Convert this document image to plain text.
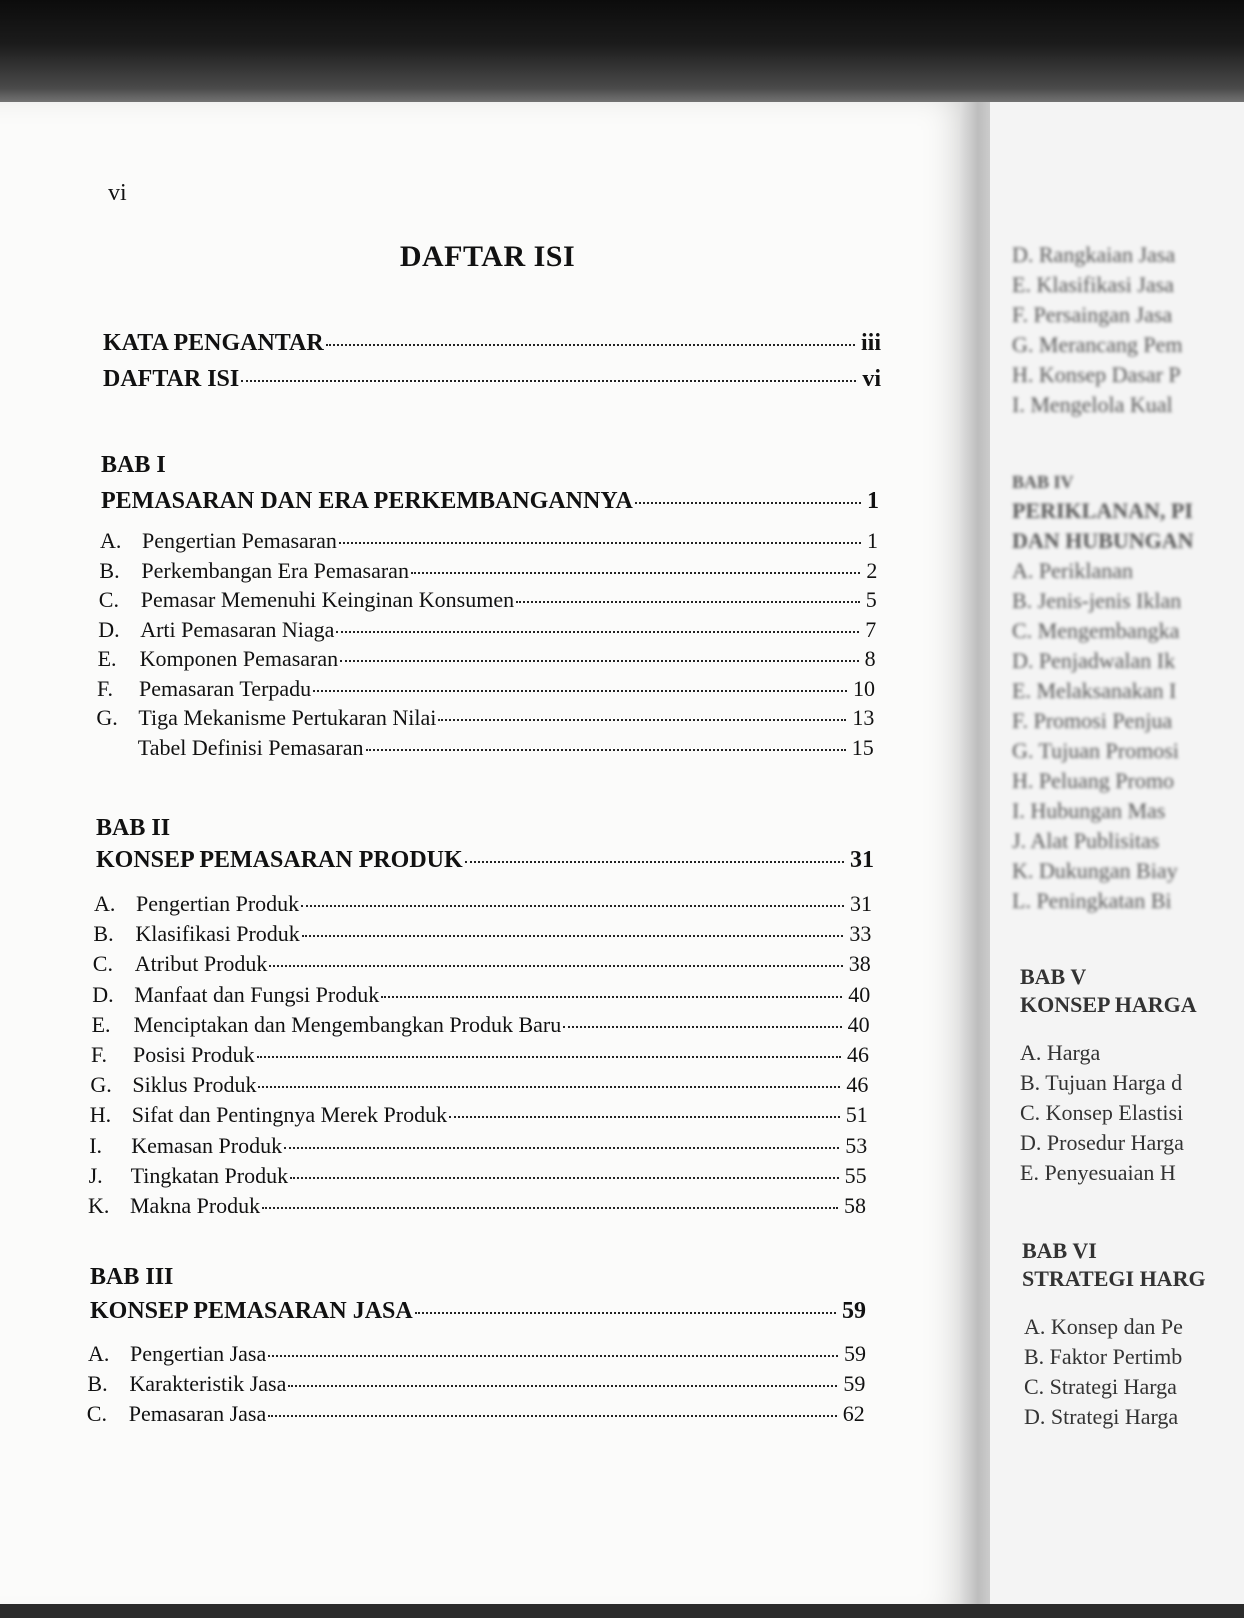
D. Rangkaian Jasa
E. Klasifikasi Jasa
F. Persaingan Jasa
G. Merancang Pem
H. Konsep Dasar P
I. Mengelola Kual
BAB IV
PERIKLANAN, PI
DAN HUBUNGAN
A. Periklanan
B. Jenis-jenis Iklan
C. Mengembangka
D. Penjadwalan Ik
E. Melaksanakan I
F. Promosi Penjua
G. Tujuan Promosi
H. Peluang Promo
I. Hubungan Mas
J. Alat Publisitas
K. Dukungan Biay
L. Peningkatan Bi
BAB V
KONSEP HARGA
A. Harga
B. Tujuan Harga d
C. Konsep Elastisi
D. Prosedur Harga
E. Penyesuaian H
BAB VI
STRATEGI HARG
A. Konsep dan Pe
B. Faktor Pertimb
C. Strategi Harga
D. Strategi Harga
vi
DAFTAR ISI
KATA PENGANTAR	iii
DAFTAR ISI	vi
BAB I
PEMASARAN DAN ERA PERKEMBANGANNYA	1
A. Pengertian Pemasaran	1
B. Perkembangan Era Pemasaran	2
C. Pemasar Memenuhi Keinginan Konsumen	5
D. Arti Pemasaran Niaga	7
E.	Komponen Pemasaran	8
F.	Pemasaran Terpadu	10
G. Tiga Mekanisme Pertukaran Nilai	13
Tabel Definisi Pemasaran	15
BAB II
KONSEP PEMASARAN PRODUK	31
A. Pengertian Produk	31
B. Klasifikasi Produk	33
C. Atribut Produk	38
D. Manfaat dan Fungsi Produk	40
E.	Menciptakan dan Mengembangkan Produk Baru	40
F.	Posisi Produk	46
G. Siklus Produk	46
H. Sifat dan Pentingnya Merek Produk	51
I.	Kemasan Produk	53
J.	Tingkatan Produk	55
K. Makna Produk	58
BAB III
KONSEP PEMASARAN JASA	59
A. Pengertian Jasa	59
B. Karakteristik Jasa	59
C. Pemasaran Jasa	62
